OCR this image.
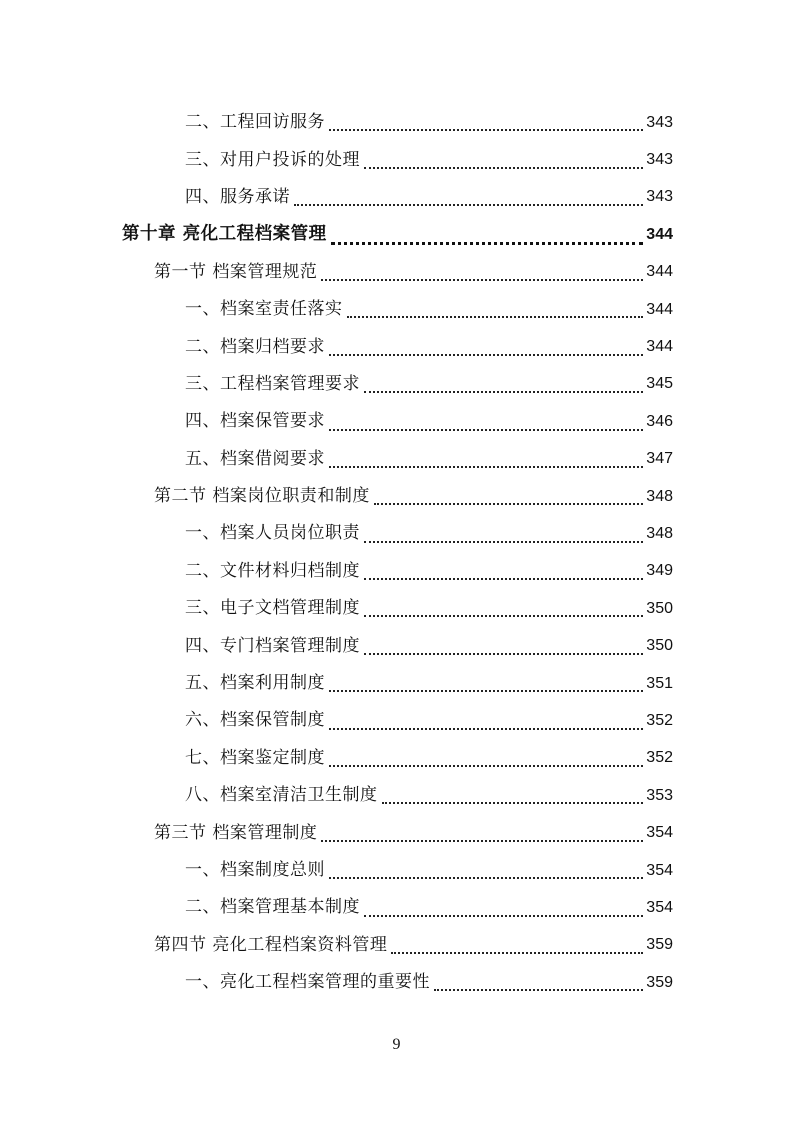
二、工程回访服务	343
三、对用户投诉的处理	343
四、服务承诺	343
第十章 亮化工程档案管理	344
第一节 档案管理规范	344
一、档案室责任落实	344
二、档案归档要求	344
三、工程档案管理要求	345
四、档案保管要求	346
五、档案借阅要求	347
第二节 档案岗位职责和制度	348
一、档案人员岗位职责	348
二、文件材料归档制度	349
三、电子文档管理制度	350
四、专门档案管理制度	350
五、档案利用制度	351
六、档案保管制度	352
七、档案鉴定制度	352
八、档案室清洁卫生制度	353
第三节 档案管理制度	354
一、档案制度总则	354
二、档案管理基本制度	354
第四节 亮化工程档案资料管理	359
一、亮化工程档案管理的重要性	359
9
